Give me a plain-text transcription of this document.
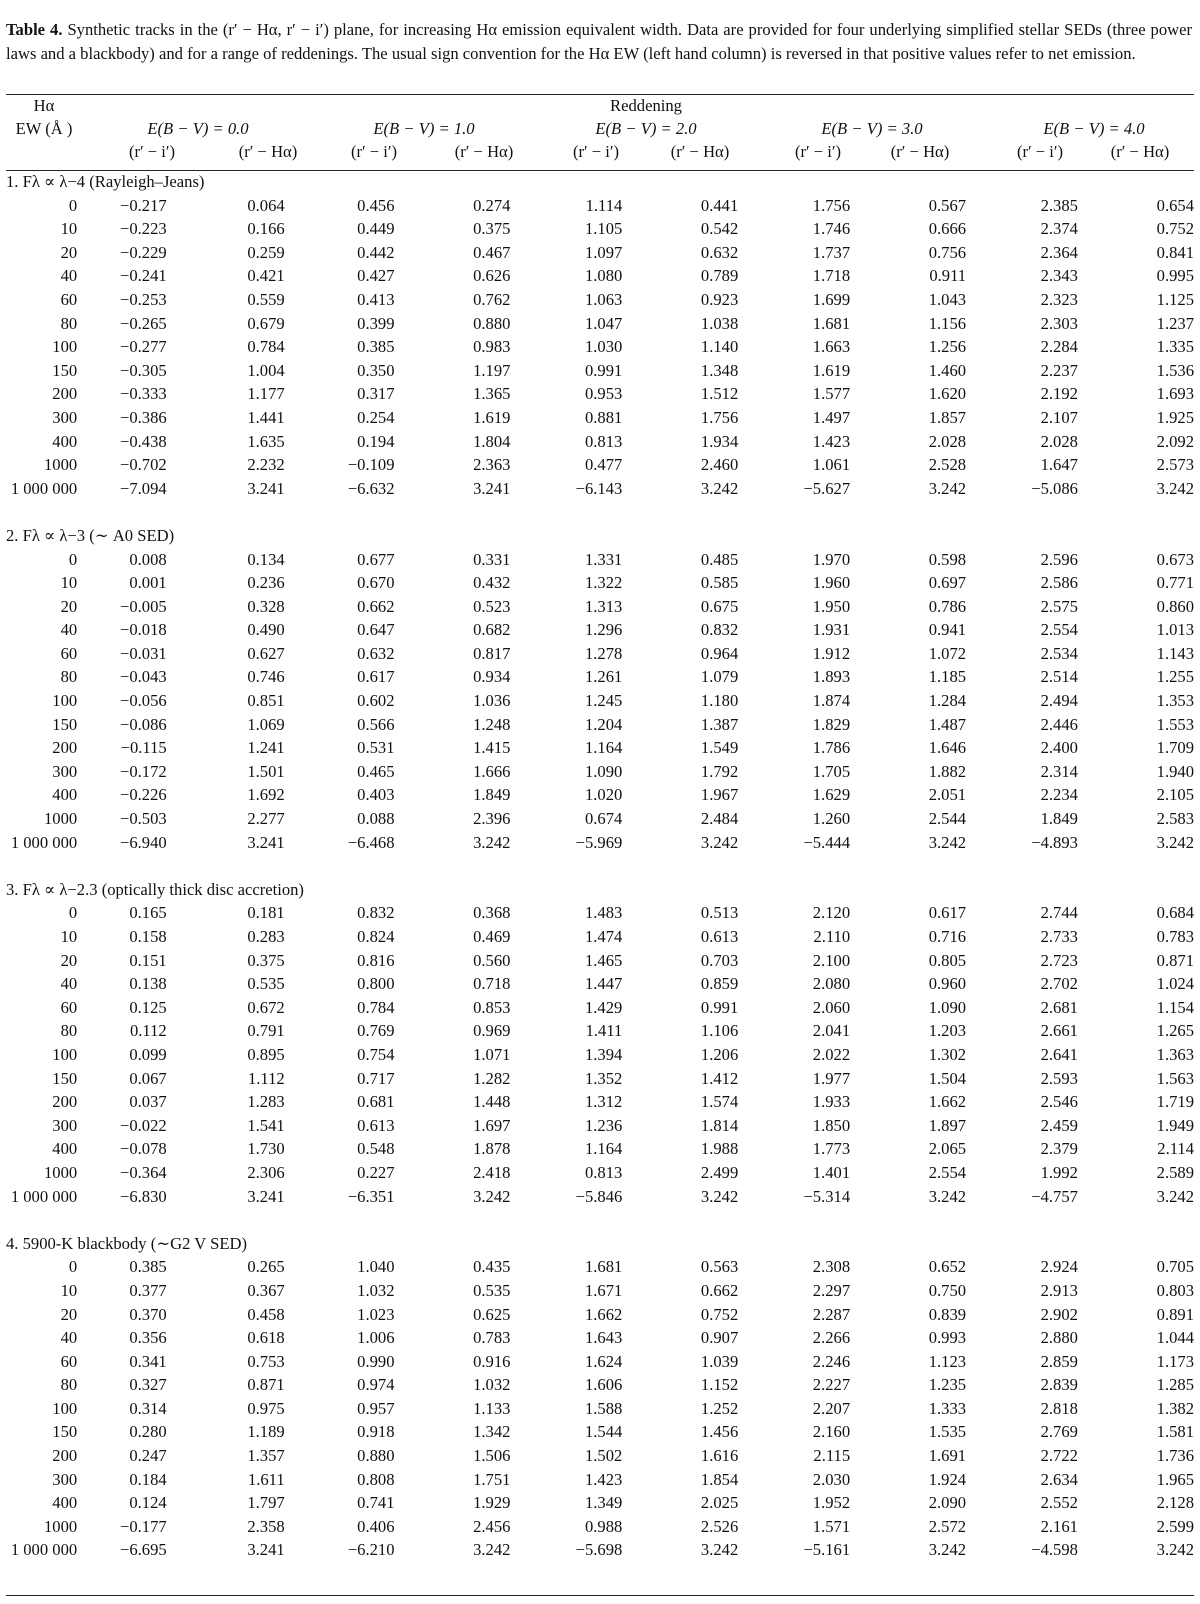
Table 4. Synthetic tracks in the (r′ − Hα, r′ − i′) plane, for increasing Hα emission equivalent width. Data are provided for four underlying simplified stellar SEDs (three power laws and a blackbody) and for a range of reddenings. The usual sign convention for the Hα EW (left hand column) is reversed in that positive values refer to net emission.
Hα
EW (Å )
Reddening
E(B − V) = 0.0
(r′ − i′)	(r′ − Hα)
E(B − V) = 1.0
(r′ − i′)	(r′ − Hα)
E(B − V) = 2.0
(r′ − i′)	(r′ − Hα)
E(B − V) = 3.0
(r′ − i′)	(r′ − Hα)
E(B − V) = 4.0
(r′ − i′)	(r′ − Hα)
1. Fλ ∝ λ−4 (Rayleigh–Jeans)										
0	−0.217	0.064	0.456	0.274	1.114	0.441	1.756	0.567	2.385	0.654
10	−0.223	0.166	0.449	0.375	1.105	0.542	1.746	0.666	2.374	0.752
20	−0.229	0.259	0.442	0.467	1.097	0.632	1.737	0.756	2.364	0.841
40	−0.241	0.421	0.427	0.626	1.080	0.789	1.718	0.911	2.343	0.995
60	−0.253	0.559	0.413	0.762	1.063	0.923	1.699	1.043	2.323	1.125
80	−0.265	0.679	0.399	0.880	1.047	1.038	1.681	1.156	2.303	1.237
100	−0.277	0.784	0.385	0.983	1.030	1.140	1.663	1.256	2.284	1.335
150	−0.305	1.004	0.350	1.197	0.991	1.348	1.619	1.460	2.237	1.536
200	−0.333	1.177	0.317	1.365	0.953	1.512	1.577	1.620	2.192	1.693
300	−0.386	1.441	0.254	1.619	0.881	1.756	1.497	1.857	2.107	1.925
400	−0.438	1.635	0.194	1.804	0.813	1.934	1.423	2.028	2.028	2.092
1000	−0.702	2.232	−0.109	2.363	0.477	2.460	1.061	2.528	1.647	2.573
1 000 000	−7.094	3.241	−6.632	3.241	−6.143	3.242	−5.627	3.242	−5.086	3.242

2. Fλ ∝ λ−3 (∼ A0 SED)										
0	0.008	0.134	0.677	0.331	1.331	0.485	1.970	0.598	2.596	0.673
10	0.001	0.236	0.670	0.432	1.322	0.585	1.960	0.697	2.586	0.771
20	−0.005	0.328	0.662	0.523	1.313	0.675	1.950	0.786	2.575	0.860
40	−0.018	0.490	0.647	0.682	1.296	0.832	1.931	0.941	2.554	1.013
60	−0.031	0.627	0.632	0.817	1.278	0.964	1.912	1.072	2.534	1.143
80	−0.043	0.746	0.617	0.934	1.261	1.079	1.893	1.185	2.514	1.255
100	−0.056	0.851	0.602	1.036	1.245	1.180	1.874	1.284	2.494	1.353
150	−0.086	1.069	0.566	1.248	1.204	1.387	1.829	1.487	2.446	1.553
200	−0.115	1.241	0.531	1.415	1.164	1.549	1.786	1.646	2.400	1.709
300	−0.172	1.501	0.465	1.666	1.090	1.792	1.705	1.882	2.314	1.940
400	−0.226	1.692	0.403	1.849	1.020	1.967	1.629	2.051	2.234	2.105
1000	−0.503	2.277	0.088	2.396	0.674	2.484	1.260	2.544	1.849	2.583
1 000 000	−6.940	3.241	−6.468	3.242	−5.969	3.242	−5.444	3.242	−4.893	3.242

3. Fλ ∝ λ−2.3 (optically thick disc accretion)										
0	0.165	0.181	0.832	0.368	1.483	0.513	2.120	0.617	2.744	0.684
10	0.158	0.283	0.824	0.469	1.474	0.613	2.110	0.716	2.733	0.783
20	0.151	0.375	0.816	0.560	1.465	0.703	2.100	0.805	2.723	0.871
40	0.138	0.535	0.800	0.718	1.447	0.859	2.080	0.960	2.702	1.024
60	0.125	0.672	0.784	0.853	1.429	0.991	2.060	1.090	2.681	1.154
80	0.112	0.791	0.769	0.969	1.411	1.106	2.041	1.203	2.661	1.265
100	0.099	0.895	0.754	1.071	1.394	1.206	2.022	1.302	2.641	1.363
150	0.067	1.112	0.717	1.282	1.352	1.412	1.977	1.504	2.593	1.563
200	0.037	1.283	0.681	1.448	1.312	1.574	1.933	1.662	2.546	1.719
300	−0.022	1.541	0.613	1.697	1.236	1.814	1.850	1.897	2.459	1.949
400	−0.078	1.730	0.548	1.878	1.164	1.988	1.773	2.065	2.379	2.114
1000	−0.364	2.306	0.227	2.418	0.813	2.499	1.401	2.554	1.992	2.589
1 000 000	−6.830	3.241	−6.351	3.242	−5.846	3.242	−5.314	3.242	−4.757	3.242

4. 5900-K blackbody (∼G2 V SED)										
0	0.385	0.265	1.040	0.435	1.681	0.563	2.308	0.652	2.924	0.705
10	0.377	0.367	1.032	0.535	1.671	0.662	2.297	0.750	2.913	0.803
20	0.370	0.458	1.023	0.625	1.662	0.752	2.287	0.839	2.902	0.891
40	0.356	0.618	1.006	0.783	1.643	0.907	2.266	0.993	2.880	1.044
60	0.341	0.753	0.990	0.916	1.624	1.039	2.246	1.123	2.859	1.173
80	0.327	0.871	0.974	1.032	1.606	1.152	2.227	1.235	2.839	1.285
100	0.314	0.975	0.957	1.133	1.588	1.252	2.207	1.333	2.818	1.382
150	0.280	1.189	0.918	1.342	1.544	1.456	2.160	1.535	2.769	1.581
200	0.247	1.357	0.880	1.506	1.502	1.616	2.115	1.691	2.722	1.736
300	0.184	1.611	0.808	1.751	1.423	1.854	2.030	1.924	2.634	1.965
400	0.124	1.797	0.741	1.929	1.349	2.025	1.952	2.090	2.552	2.128
1000	−0.177	2.358	0.406	2.456	0.988	2.526	1.571	2.572	2.161	2.599
1 000 000	−6.695	3.241	−6.210	3.242	−5.698	3.242	−5.161	3.242	−4.598	3.242
